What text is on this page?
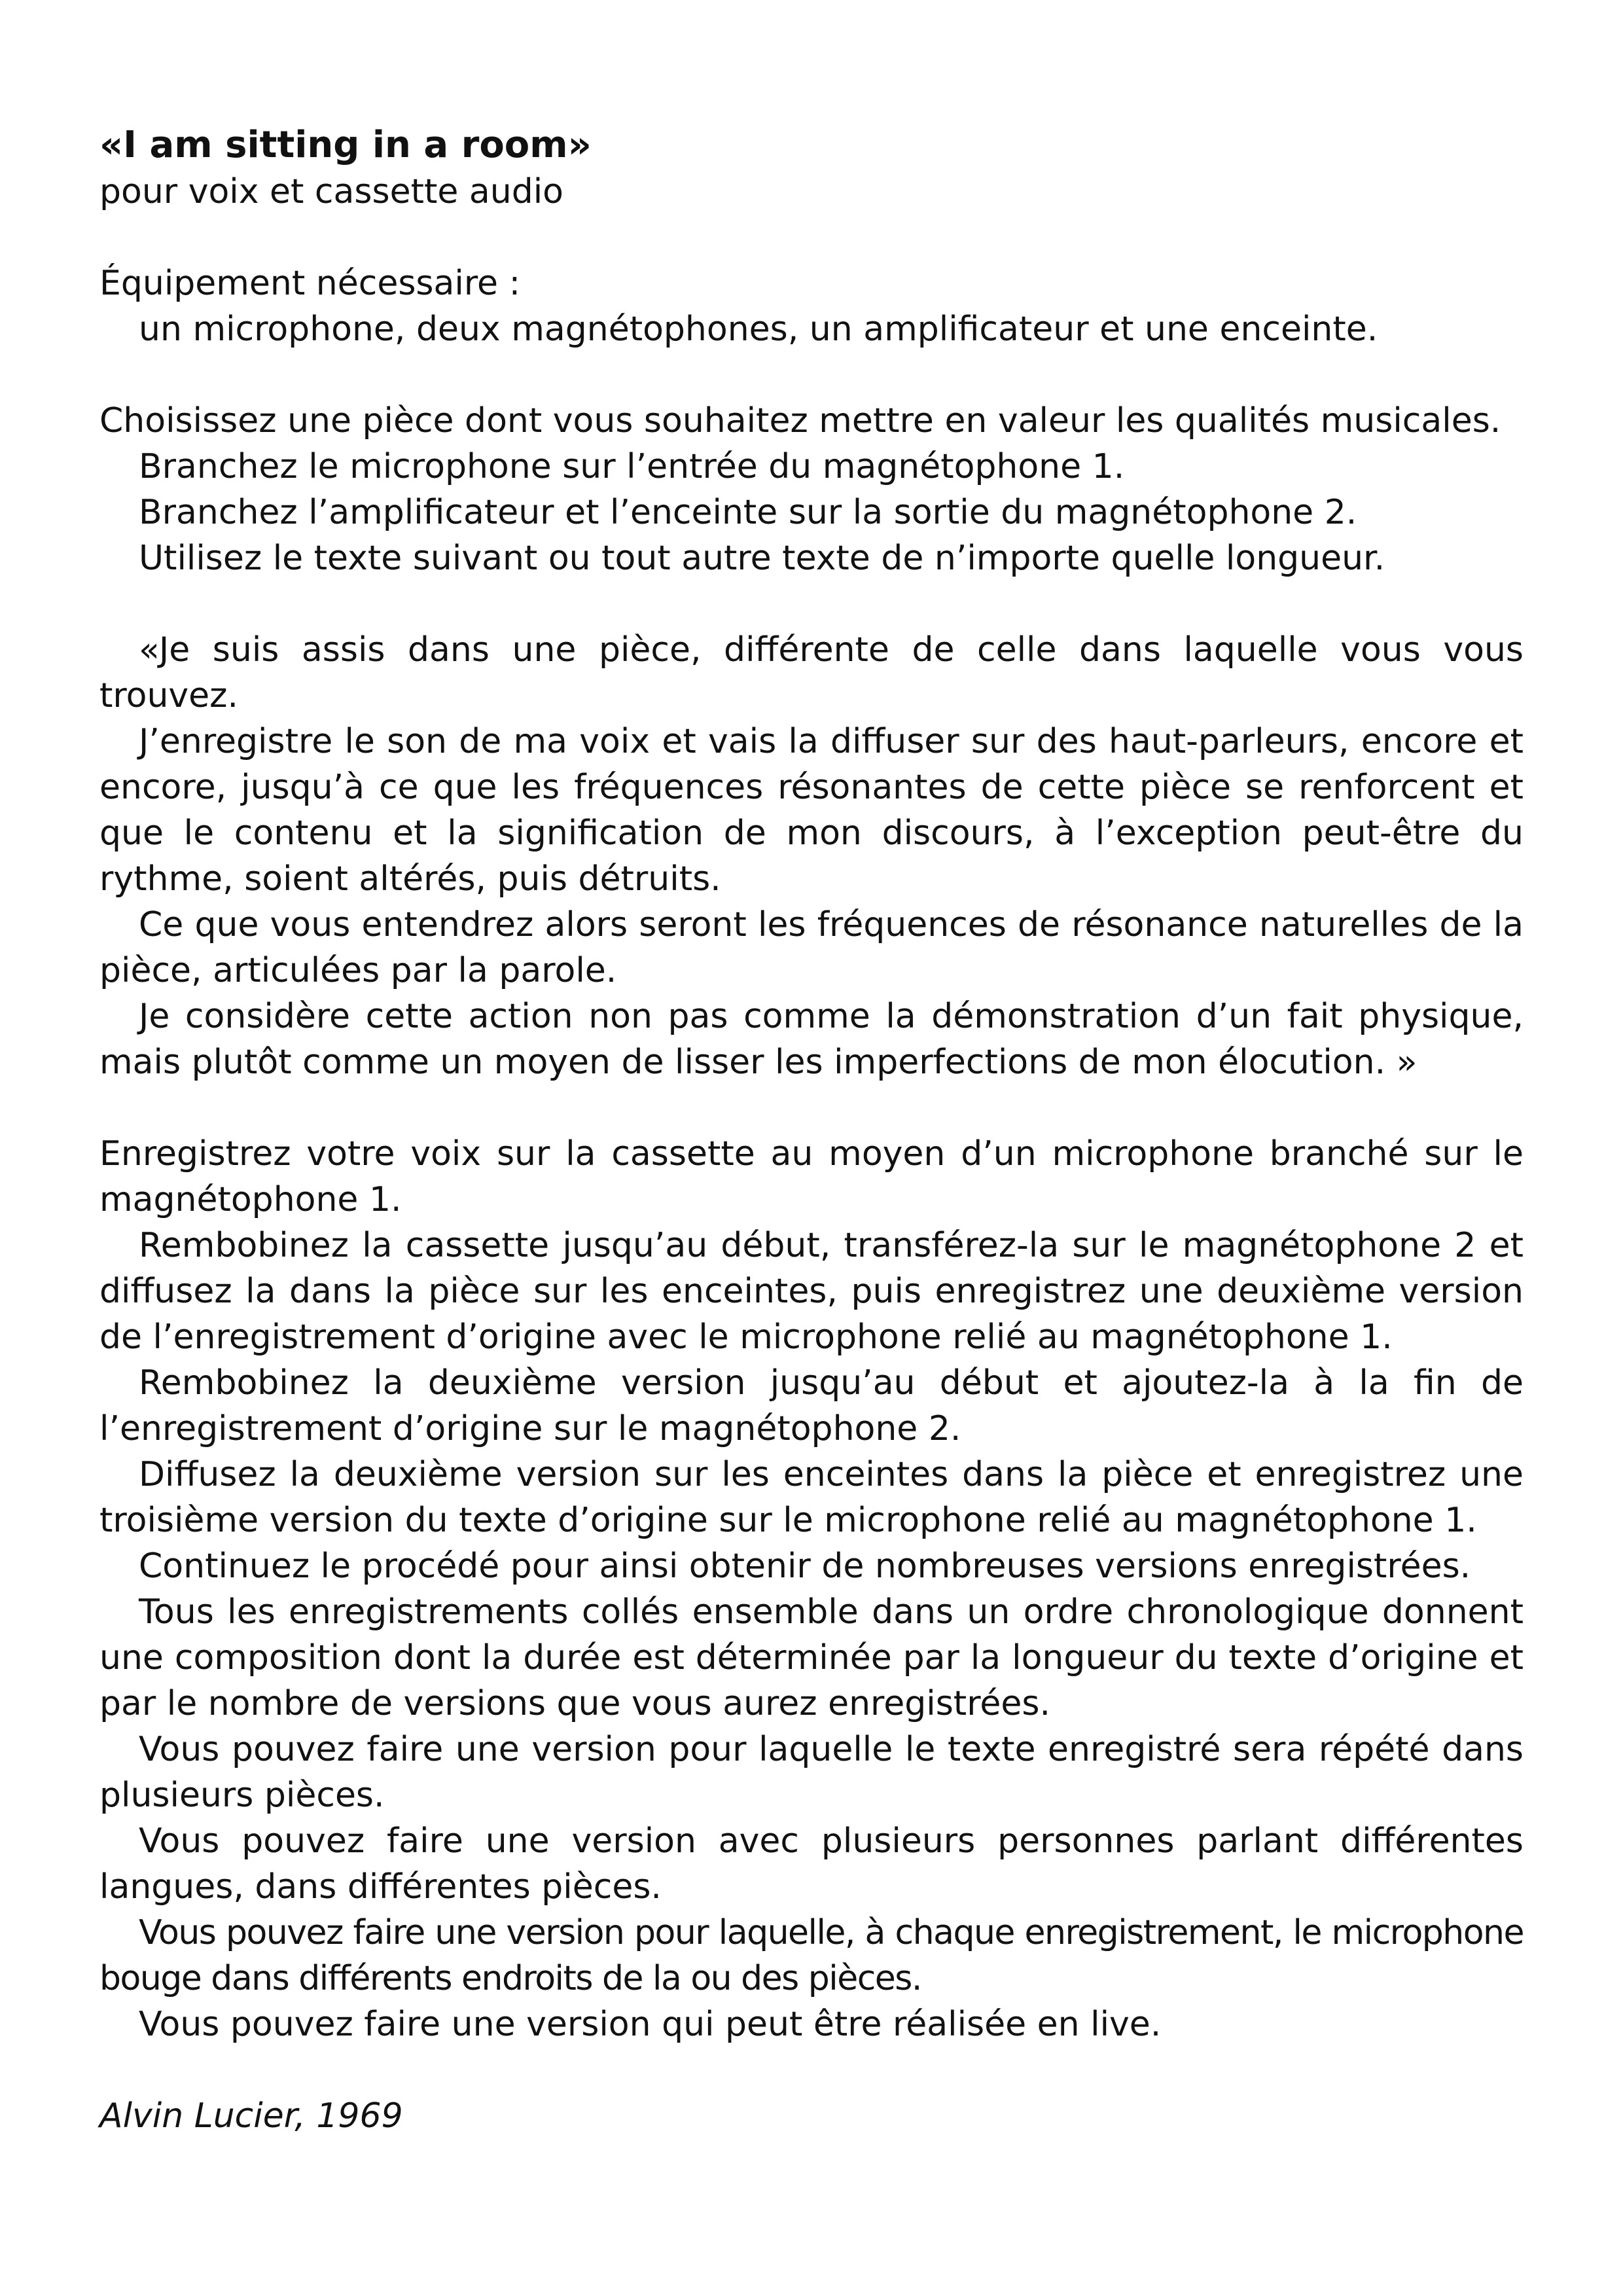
«I am sitting in a room»

pour voix et cassette audio

Équipement nécessaire :

un microphone, deux magnétophones, un amplificateur et une enceinte.

Choisissez une pièce dont vous souhaitez mettre en valeur les qualités musicales.

Branchez le microphone sur l’entrée du magnétophone 1.

Branchez l’amplificateur et l’enceinte sur la sortie du magnétophone 2.

Utilisez le texte suivant ou tout autre texte de n’importe quelle longueur.

«Je suis assis dans une pièce, différente de celle dans laquelle vous vous trouvez.

J’enregistre le son de ma voix et vais la diffuser sur des haut-parleurs, encore et encore, jusqu’à ce que les fréquences résonantes de cette pièce se renforcent et que le contenu et la signification de mon discours, à l’exception peut-être du rythme, soient altérés, puis détruits.

Ce que vous entendrez alors seront les fréquences de résonance naturelles de la pièce, articulées par la parole.

Je considère cette action non pas comme la démonstration d’un fait physique, mais plutôt comme un moyen de lisser les imperfections de mon élocution. »

Enregistrez votre voix sur la cassette au moyen d’un microphone branché sur le magnétophone 1.

Rembobinez la cassette jusqu’au début, transférez-la sur le magnétophone 2 et diffusez la dans la pièce sur les enceintes, puis enregistrez une deuxième version de l’enregistrement d’origine avec le microphone relié au magnétophone 1.

Rembobinez la deuxième version jusqu’au début et ajoutez-la à la fin de l’enregistrement d’origine sur le magnétophone 2.

Diffusez la deuxième version sur les enceintes dans la pièce et enregistrez une troisième version du texte d’origine sur le microphone relié au magnétophone 1.

Continuez le procédé pour ainsi obtenir de nombreuses versions enregistrées.

Tous les enregistrements collés ensemble dans un ordre chronologique donnent une composition dont la durée est déterminée par la longueur du texte d’origine et par le nombre de versions que vous aurez enregistrées.

Vous pouvez faire une version pour laquelle le texte enregistré sera répété dans plusieurs pièces.

Vous pouvez faire une version avec plusieurs personnes parlant différentes langues, dans différentes pièces.

Vous pouvez faire une version pour laquelle, à chaque enregistrement, le microphone bouge dans différents endroits de la ou des pièces.

Vous pouvez faire une version qui peut être réalisée en live.

Alvin Lucier, 1969
